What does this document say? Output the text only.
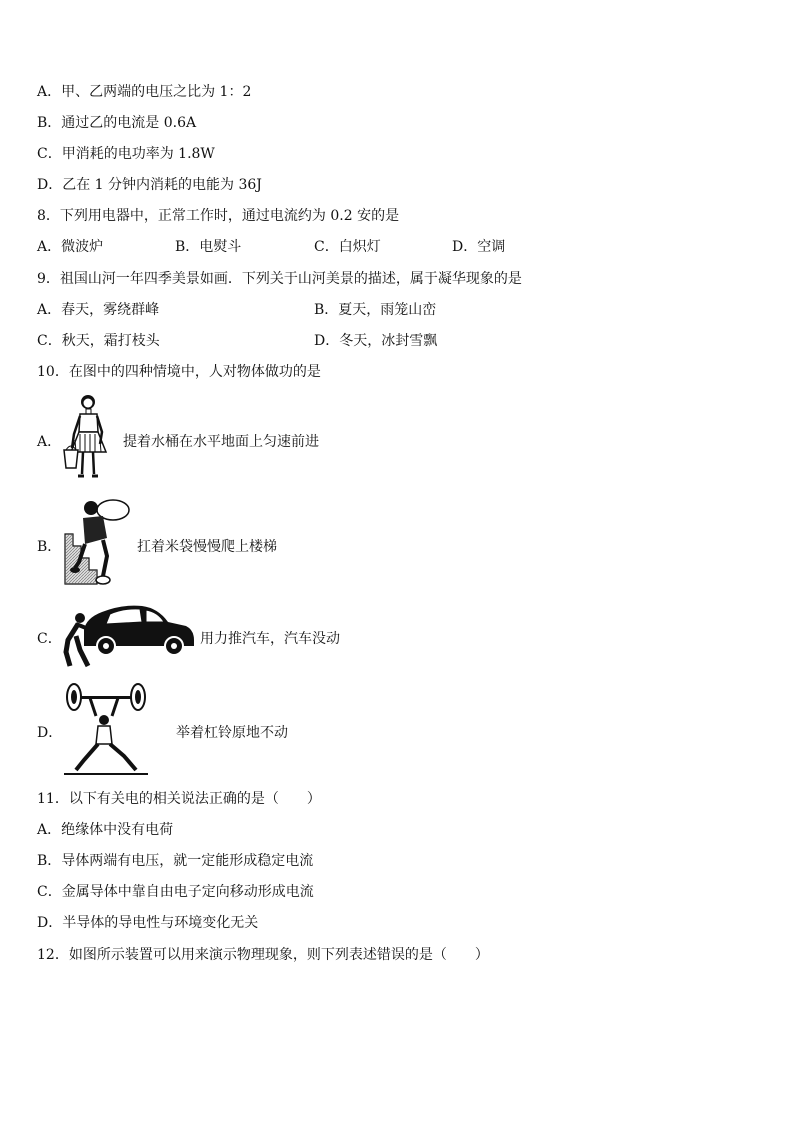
A．甲、乙两端的电压之比为 1：2
B．通过乙的电流是 0.6A
C．甲消耗的电功率为 1.8W
D．乙在 1 分钟内消耗的电能为 36J
8．下列用电器中，正常工作时，通过电流约为 0.2 安的是
A．微波炉	B．电熨斗	C．白炽灯	D．空调
9．祖国山河一年四季美景如画．下列关于山河美景的描述，属于凝华现象的是
A．春天，雾绕群峰	B．夏天，雨笼山峦
C．秋天，霜打枝头	D．冬天，冰封雪飘
10．在图中的四种情境中，人对物体做功的是
A．	提着水桶在水平地面上匀速前进
B．	扛着米袋慢慢爬上楼梯
C．	用力推汽车，汽车没动
D．	举着杠铃原地不动
11．以下有关电的相关说法正确的是（　　）
A．绝缘体中没有电荷
B．导体两端有电压，就一定能形成稳定电流
C．金属导体中靠自由电子定向移动形成电流
D．半导体的导电性与环境变化无关
12．如图所示装置可以用来演示物理现象，则下列表述错误的是（　　）
